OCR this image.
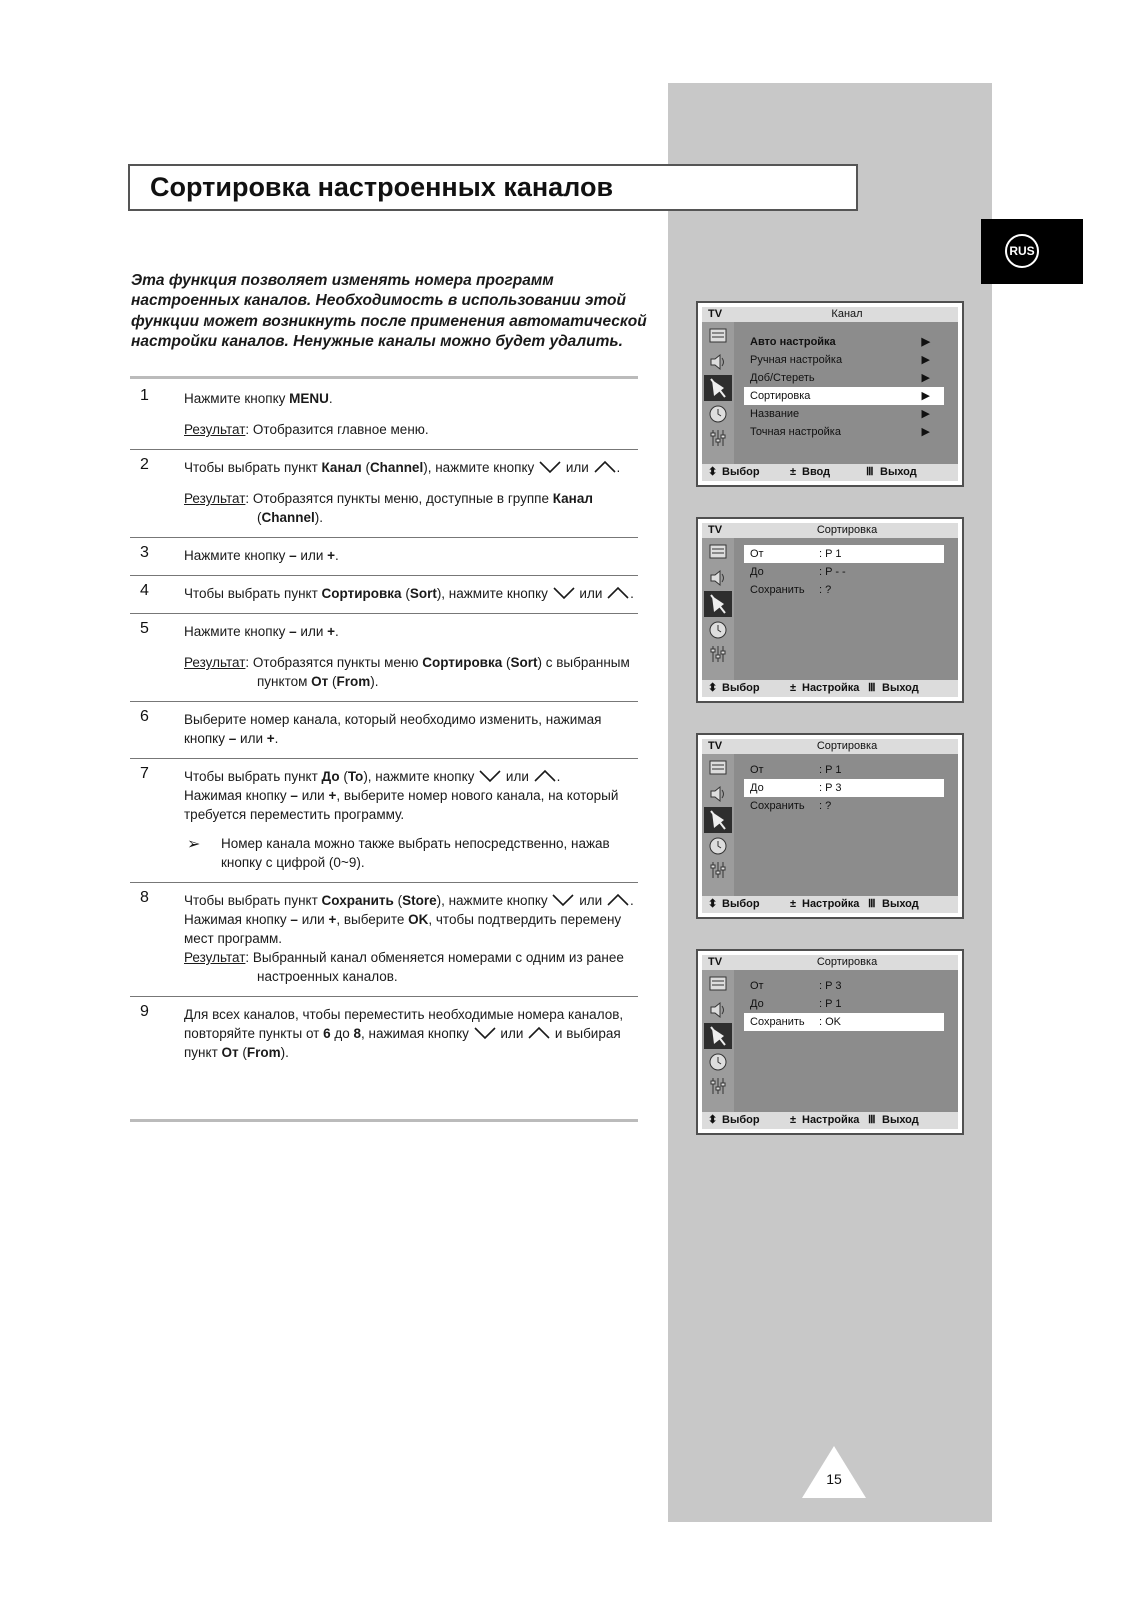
RUS
Сортировка настроенных каналов

Эта функция позволяет изменять номера программ настроенных каналов. Необходимость в использовании этой функции может возникнуть после применения автоматической настройки каналов. Ненужные каналы можно будет удалить.

1	Нажмите кнопку MENU.
Результат: Отобразится главное меню.
2	Чтобы выбрать пункт Канал (Channel), нажмите кнопку  или .
Результат: Отобразятся пункты меню, доступные в группе Канал (Channel).
3	Нажмите кнопку – или +.
4	Чтобы выбрать пункт Сортировка (Sort), нажмите кнопку  или .
5	Нажмите кнопку – или +.
Результат: Отобразятся пункты меню Сортировка (Sort) с выбранным пунктом От (From).
6	Выберите номер канала, который необходимо изменить, нажимая кнопку – или +.
7	Чтобы выбрать пункт До (To), нажмите кнопку  или .
Нажимая кнопку – или +, выберите номер нового канала, на который требуется переместить программу.
➢ Номер канала можно также выбрать непосредственно, нажав кнопку с цифрой (0~9).
8	Чтобы выбрать пункт Сохранить (Store), нажмите кнопку  или .
Нажимая кнопку – или +, выберите OK, чтобы подтвердить перемену мест программ.
Результат: Выбранный канал обменяется номерами с одним из ранее настроенных каналов.
9	Для всех каналов, чтобы переместить необходимые номера каналов, повторяйте пункты от 6 до 8, нажимая кнопку  или  и выбирая пункт От (From).
TV	Канал
Авто настройка	▶
Ручная настройка	▶
Доб/Стереть	▶
Сортировка	▶
Название	▶
Точная настройка	▶
⬍ Выбор	± Ввод	Ⅲ Выход
TV	Сортировка
От	: P 1
До	: P - -
Сохранить : ?
⬍ Выбор	± Настройка Ⅲ Выход
TV	Сортировка
От	: P 1
До	: P 3
Сохранить : ?
⬍ Выбор	± Настройка Ⅲ Выход
TV	Сортировка
От	: P 3
До	: P 1
Сохранить : OK
⬍ Выбор	± Настройка Ⅲ Выход
15
